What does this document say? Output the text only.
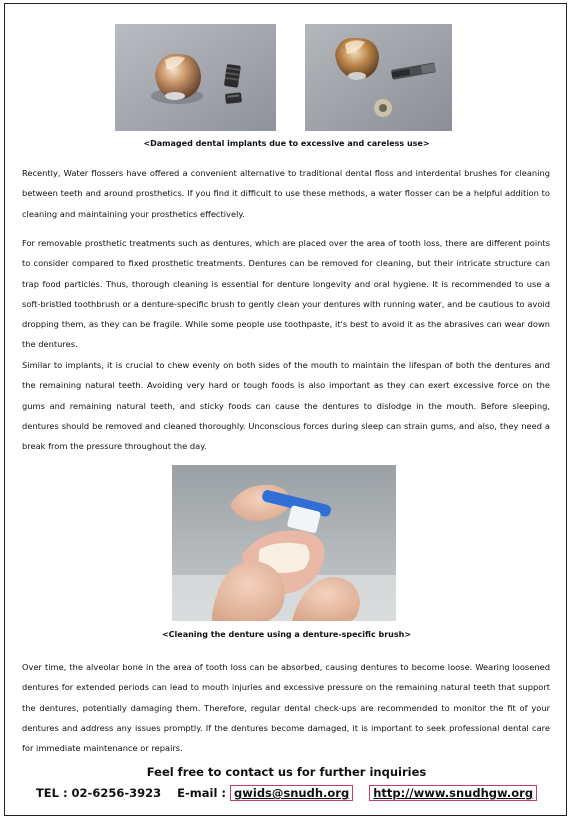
<Damaged dental implants due to excessive and careless use>

Recently, Water flossers have offered a convenient alternative to traditional dental floss and interdental brushes for cleaning between teeth and around prosthetics. If you find it difficult to use these methods, a water flosser can be a helpful addition to cleaning and maintaining your prosthetics effectively.

For removable prosthetic treatments such as dentures, which are placed over the area of tooth loss, there are different points to consider compared to fixed prosthetic treatments. Dentures can be removed for cleaning, but their intricate structure can trap food particles. Thus, thorough cleaning is essential for denture longevity and oral hygiene. It is recommended to use a soft-bristled toothbrush or a denture-specific brush to gently clean your dentures with running water, and be cautious to avoid dropping them, as they can be fragile. While some people use toothpaste, it's best to avoid it as the abrasives can wear down the dentures.

Similar to implants, it is crucial to chew evenly on both sides of the mouth to maintain the lifespan of both the dentures and the remaining natural teeth. Avoiding very hard or tough foods is also important as they can exert excessive force on the gums and remaining natural teeth, and sticky foods can cause the dentures to dislodge in the mouth. Before sleeping, dentures should be removed and cleaned thoroughly. Unconscious forces during sleep can strain gums, and also, they need a break from the pressure throughout the day.

<Cleaning the denture using a denture-specific brush>

Over time, the alveolar bone in the area of tooth loss can be absorbed, causing dentures to become loose. Wearing loosened dentures for extended periods can lead to mouth injuries and excessive pressure on the remaining natural teeth that support the dentures, potentially damaging them. Therefore, regular dental check-ups are recommended to monitor the fit of your dentures and address any issues promptly. If the dentures become damaged, it is important to seek professional dental care for immediate maintenance or repairs.

Feel free to contact us for further inquiries
TEL : 02-6256-3923 E-mail : gwids@snudh.org http://www.snudhgw.org
